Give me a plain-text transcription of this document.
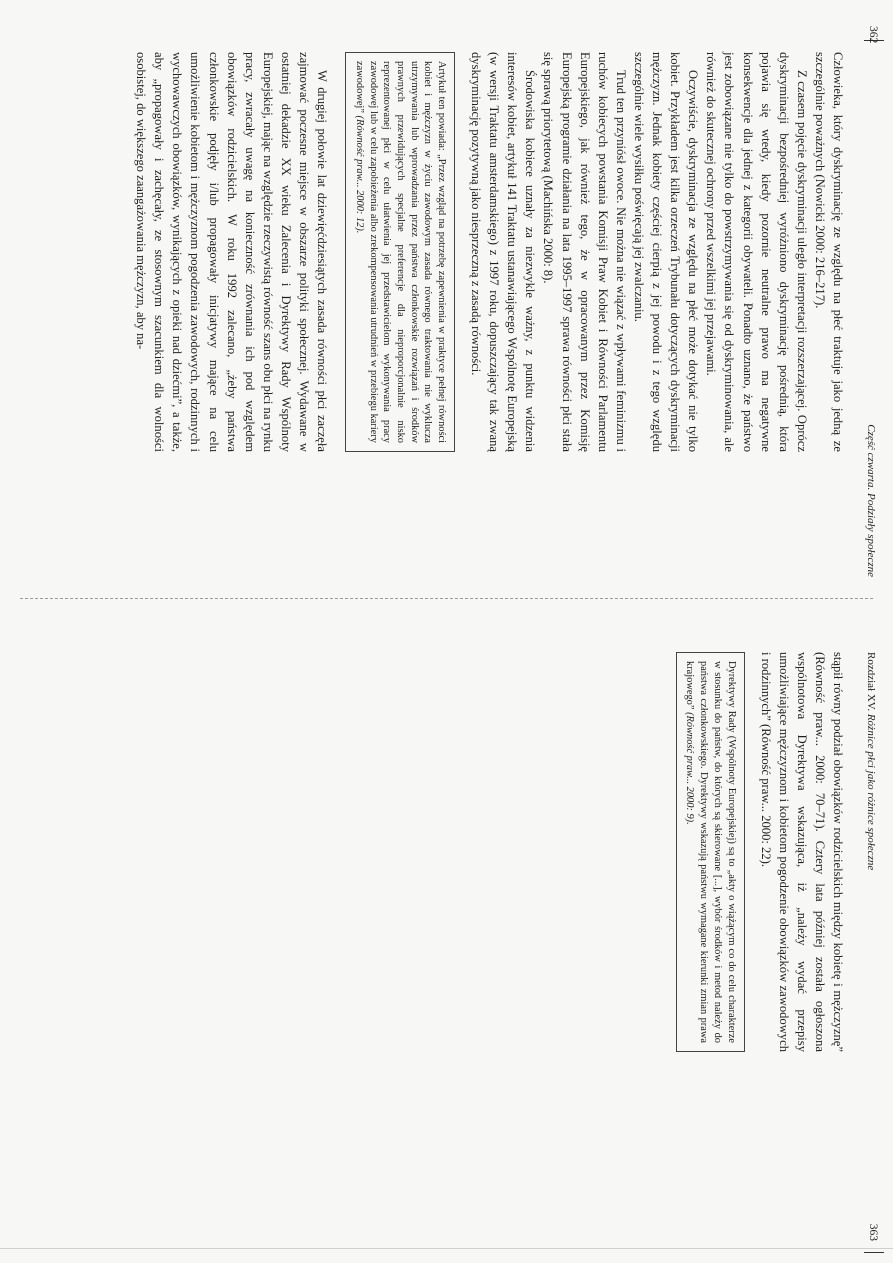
362
Część czwarta. Podziały społeczne

Człowieka, który dyskryminację ze względu na płeć traktuje jako jedną ze szczególnie poważnych (Nowicki 2000: 216–217).

Z czasem pojęcie dyskryminacji uległo interpretacji rozszerzającej. Oprócz dyskryminacji bezpośredniej wyróżniono dyskryminację pośrednią, która pojawia się wtedy, kiedy pozornie neutralne prawo ma negatywne konsekwencje dla jednej z kategorii obywateli. Ponadto uznano, że państwo jest zobowiązane nie tylko do powstrzymywania się od dyskryminowania, ale również do skutecznej ochrony przed wszelkimi jej przejawami.

Oczywiście, dyskryminacja ze względu na płeć może dotykać nie tylko kobiet. Przykładem jest kilka orzeczeń Trybunału dotyczących dyskryminacji mężczyzn. Jednak kobiety częściej cierpią z jej powodu i z tego względu szczególnie wiele wysiłku poświęcają jej zwalczaniu.

Trud ten przyniósł owoce. Nie można nie wiązać z wpływami feminizmu i ruchów kobiecych powstania Komisji Praw Kobiet i Równości Parlamentu Europejskiego, jak również tego, że w opracowanym przez Komisję Europejską programie działania na lata 1995–1997 sprawa równości płci stała się sprawą priorytetową (Machińska 2000: 8).

Środowiska kobiece uznały za niezwykle ważny, z punktu widzenia interesów kobiet, artykuł 141 Traktatu ustanawiającego Wspólnotę Europejską (w wersji Traktatu amsterdamskiego) z 1997 roku, dopuszczający tak zwaną dyskryminację pozytywną jako niesprzeczną z zasadą równości.

Artykuł ten powiada: „Przez wzgląd na potrzebę zapewnienia w praktyce pełnej równości kobiet i mężczyzn w życiu zawodowym zasada równego traktowania nie wyklucza utrzymywania lub wprowadzania przez państwa członkowskie rozwiązań i środków prawnych przewidujących specjalne preferencje dla nieproporcjonalnie nisko reprezentowanej płci w celu ułatwienia jej przedstawicielom wykonywania pracy zawodowej lub w celu zapobieżenia albo zrekompensowania utrudnień w przebiegu kariery zawodowej” (Równość praw... 2000: 12).

W drugiej połowie lat dziewięćdziesiątych zasada równości płci zaczęła zajmować poczesne miejsce w obszarze polityki społecznej. Wydawane w ostatniej dekadzie XX wieku Zalecenia i Dyrektywy Rady Wspólnoty Europejskiej, mając na względzie rzeczywistą równość szans obu płci na rynku pracy, zwracały uwagę na konieczność zrównania ich pod względem obowiązków rodzicielskich. W roku 1992 zalecano, „żeby państwa członkowskie podjęły i/lub propagowały inicjatywy mające na celu umożliwienie kobietom i mężczyznom pogodzenia zawodowych, rodzinnych i wychowawczych obowiązków, wynikających z opieki nad dziećmi”, a także, aby „propagowały i zachęcały, ze stosownym szacunkiem dla wolności osobistej, do większego zaangażowania mężczyzn, aby na-

Rozdział XV. Różnice płci jako różnice społeczne
363

stąpił równy podział obowiązków rodzicielskich między kobietę i mężczyznę” (Równość praw... 2000: 70–71). Cztery lata później została ogłoszona wspólnotowa Dyrektywa wskazująca, iż „należy wydać przepisy umożliwiające mężczyznom i kobietom pogodzenie obowiązków zawodowych i rodzinnych” (Równość praw... 2000: 22).

Dyrektywy Rady (Wspólnoty Europejskiej) są to „akty o wiążącym co do celu charakterze w stosunku do państw, do których są skierowane [...], wybór środków i metod należy do państwa członkowskiego. Dyrektywy wskazują państwu wymagane kierunki zmian prawa krajowego” (Równość praw... 2000: 9).
